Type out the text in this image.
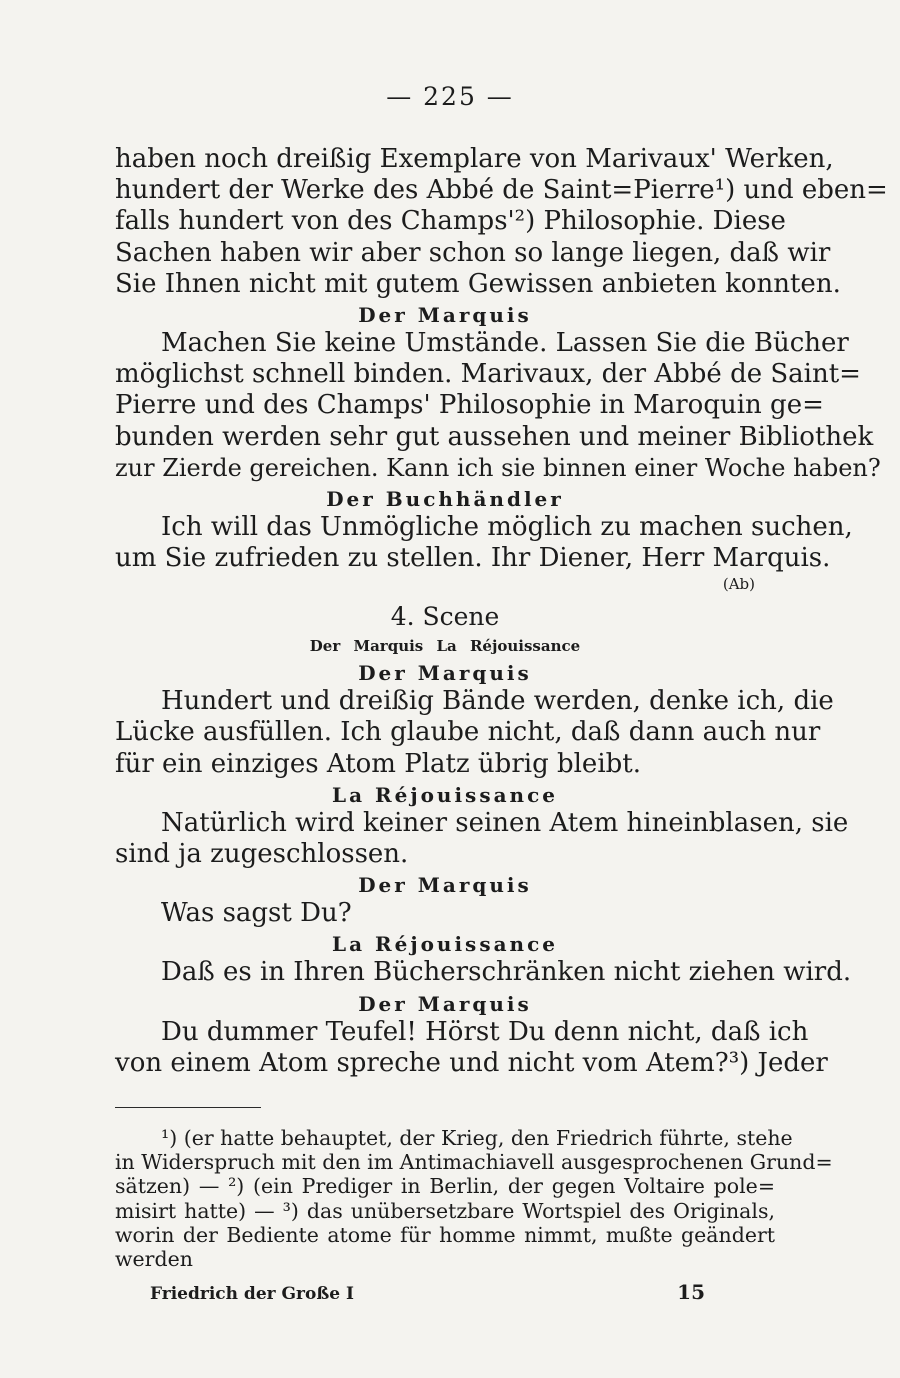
— 225 —
haben noch dreißig Exemplare von Marivaux' Werken,
hundert der Werke des Abbé de Saint=Pierre¹) und eben=
falls hundert von des Champs'²) Philosophie. Diese
Sachen haben wir aber schon so lange liegen, daß wir
Sie Ihnen nicht mit gutem Gewissen anbieten konnten.
Der Marquis
Machen Sie keine Umstände. Lassen Sie die Bücher
möglichst schnell binden. Marivaux, der Abbé de Saint=
Pierre und des Champs' Philosophie in Maroquin ge=
bunden werden sehr gut aussehen und meiner Bibliothek
zur Zierde gereichen. Kann ich sie binnen einer Woche haben?
Der Buchhändler
Ich will das Unmögliche möglich zu machen suchen,
um Sie zufrieden zu stellen. Ihr Diener, Herr Marquis.
(Ab)
4. Scene
Der Marquis La Réjouissance
Der Marquis
Hundert und dreißig Bände werden, denke ich, die
Lücke ausfüllen. Ich glaube nicht, daß dann auch nur
für ein einziges Atom Platz übrig bleibt.
La Réjouissance
Natürlich wird keiner seinen Atem hineinblasen, sie
sind ja zugeschlossen.
Der Marquis
Was sagst Du?
La Réjouissance
Daß es in Ihren Bücherschränken nicht ziehen wird.
Der Marquis
Du dummer Teufel! Hörst Du denn nicht, daß ich
von einem Atom spreche und nicht vom Atem?³) Jeder
¹) (er hatte behauptet, der Krieg, den Friedrich führte, stehe
in Widerspruch mit den im Antimachiavell ausgesprochenen Grund=
sätzen) — ²) (ein Prediger in Berlin, der gegen Voltaire pole=
misirt hatte) — ³) das unübersetzbare Wortspiel des Originals,
worin der Bediente atome für homme nimmt, mußte geändert
werden
Friedrich der Große I	15
